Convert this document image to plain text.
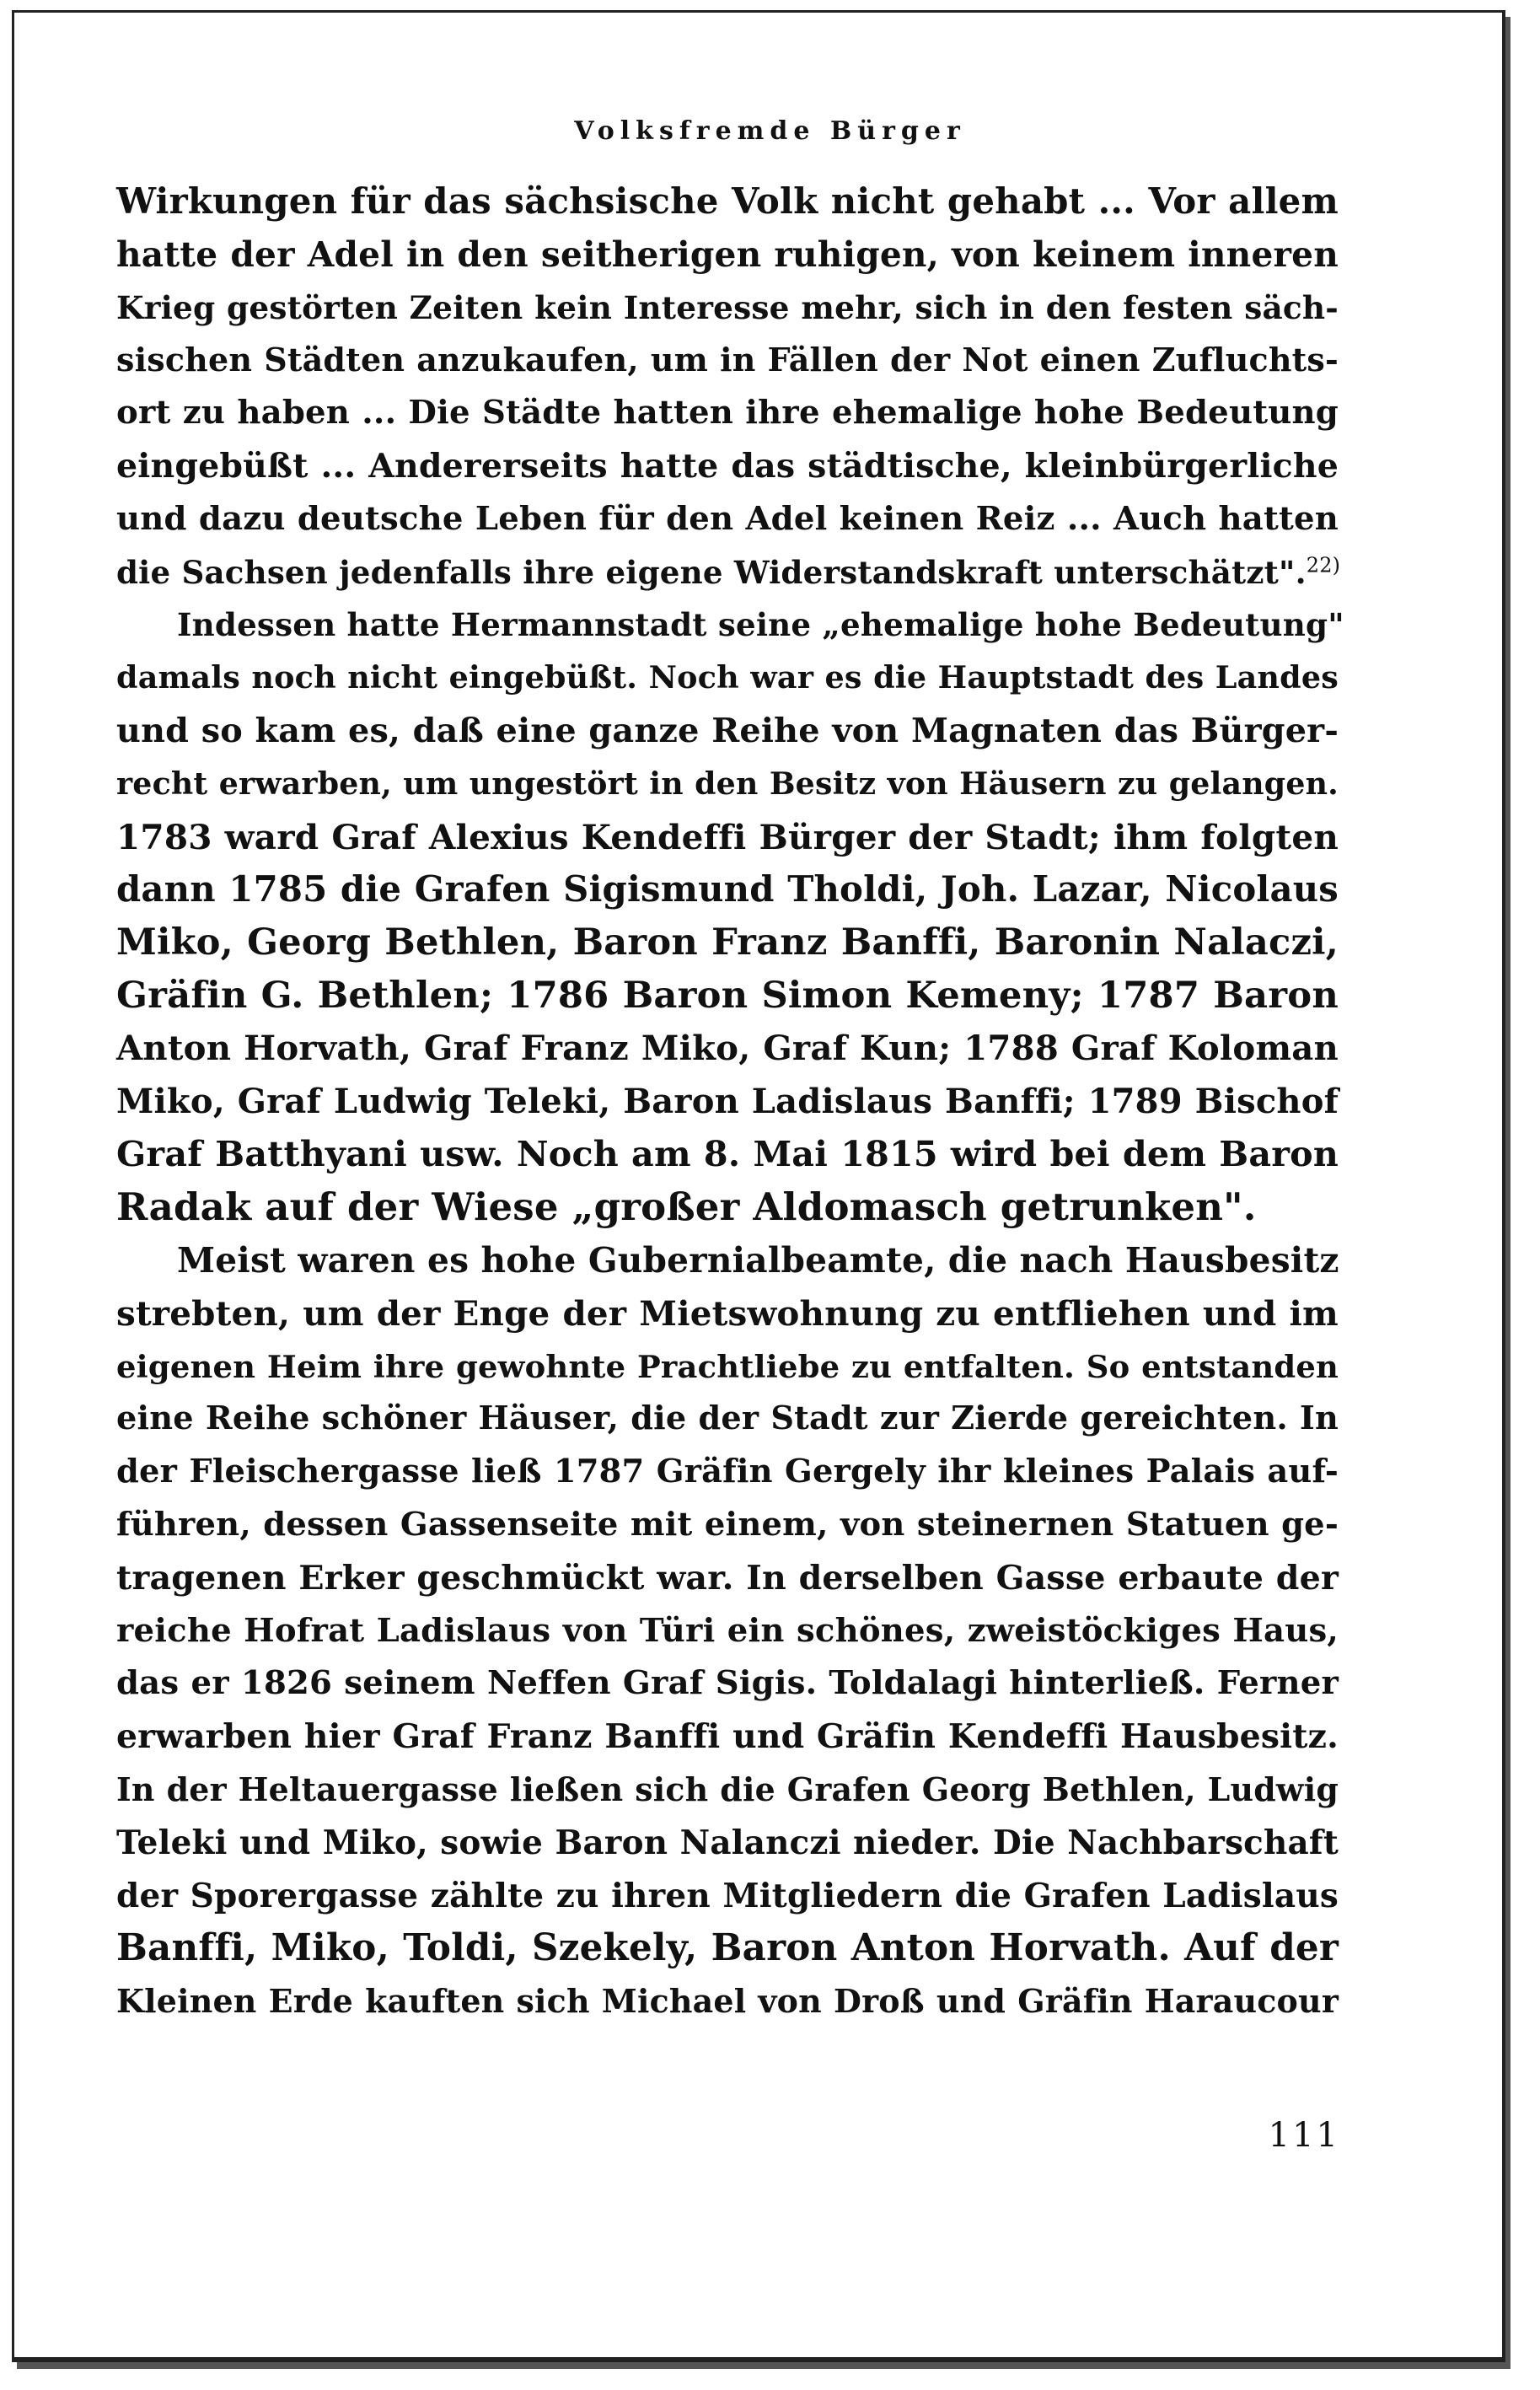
Volksfremde Bürger
Wirkungen für das sächsische Volk nicht gehabt ... Vor allem
hatte der Adel in den seitherigen ruhigen, von keinem inneren
Krieg gestörten Zeiten kein Interesse mehr, sich in den festen säch-
sischen Städten anzukaufen, um in Fällen der Not einen Zufluchts-
ort zu haben ... Die Städte hatten ihre ehemalige hohe Bedeutung
eingebüßt ... Andererseits hatte das städtische, kleinbürgerliche
und dazu deutsche Leben für den Adel keinen Reiz ... Auch hatten
die Sachsen jedenfalls ihre eigene Widerstandskraft unterschätzt".$^{22)}$
Indessen hatte Hermannstadt seine „ehemalige hohe Bedeutung"
damals noch nicht eingebüßt. Noch war es die Hauptstadt des Landes
und so kam es, daß eine ganze Reihe von Magnaten das Bürger-
recht erwarben, um ungestört in den Besitz von Häusern zu gelangen.
1783 ward Graf Alexius Kendeffi Bürger der Stadt; ihm folgten
dann 1785 die Grafen Sigismund Tholdi, Joh. Lazar, Nicolaus
Miko, Georg Bethlen, Baron Franz Banffi, Baronin Nalaczi,
Gräfin G. Bethlen; 1786 Baron Simon Kemeny; 1787 Baron
Anton Horvath, Graf Franz Miko, Graf Kun; 1788 Graf Koloman
Miko, Graf Ludwig Teleki, Baron Ladislaus Banffi; 1789 Bischof
Graf Batthyani usw. Noch am 8. Mai 1815 wird bei dem Baron
Radak auf der Wiese „großer Aldomasch getrunken".
Meist waren es hohe Gubernialbeamte, die nach Hausbesitz
strebten, um der Enge der Mietswohnung zu entfliehen und im
eigenen Heim ihre gewohnte Prachtliebe zu entfalten. So entstanden
eine Reihe schöner Häuser, die der Stadt zur Zierde gereichten. In
der Fleischergasse ließ 1787 Gräfin Gergely ihr kleines Palais auf-
führen, dessen Gassenseite mit einem, von steinernen Statuen ge-
tragenen Erker geschmückt war. In derselben Gasse erbaute der
reiche Hofrat Ladislaus von Türi ein schönes, zweistöckiges Haus,
das er 1826 seinem Neffen Graf Sigis. Toldalagi hinterließ. Ferner
erwarben hier Graf Franz Banffi und Gräfin Kendeffi Hausbesitz.
In der Heltauergasse ließen sich die Grafen Georg Bethlen, Ludwig
Teleki und Miko, sowie Baron Nalanczi nieder. Die Nachbarschaft
der Sporergasse zählte zu ihren Mitgliedern die Grafen Ladislaus
Banffi, Miko, Toldi, Szekely, Baron Anton Horvath. Auf der
Kleinen Erde kauften sich Michael von Droß und Gräfin Haraucour
111
